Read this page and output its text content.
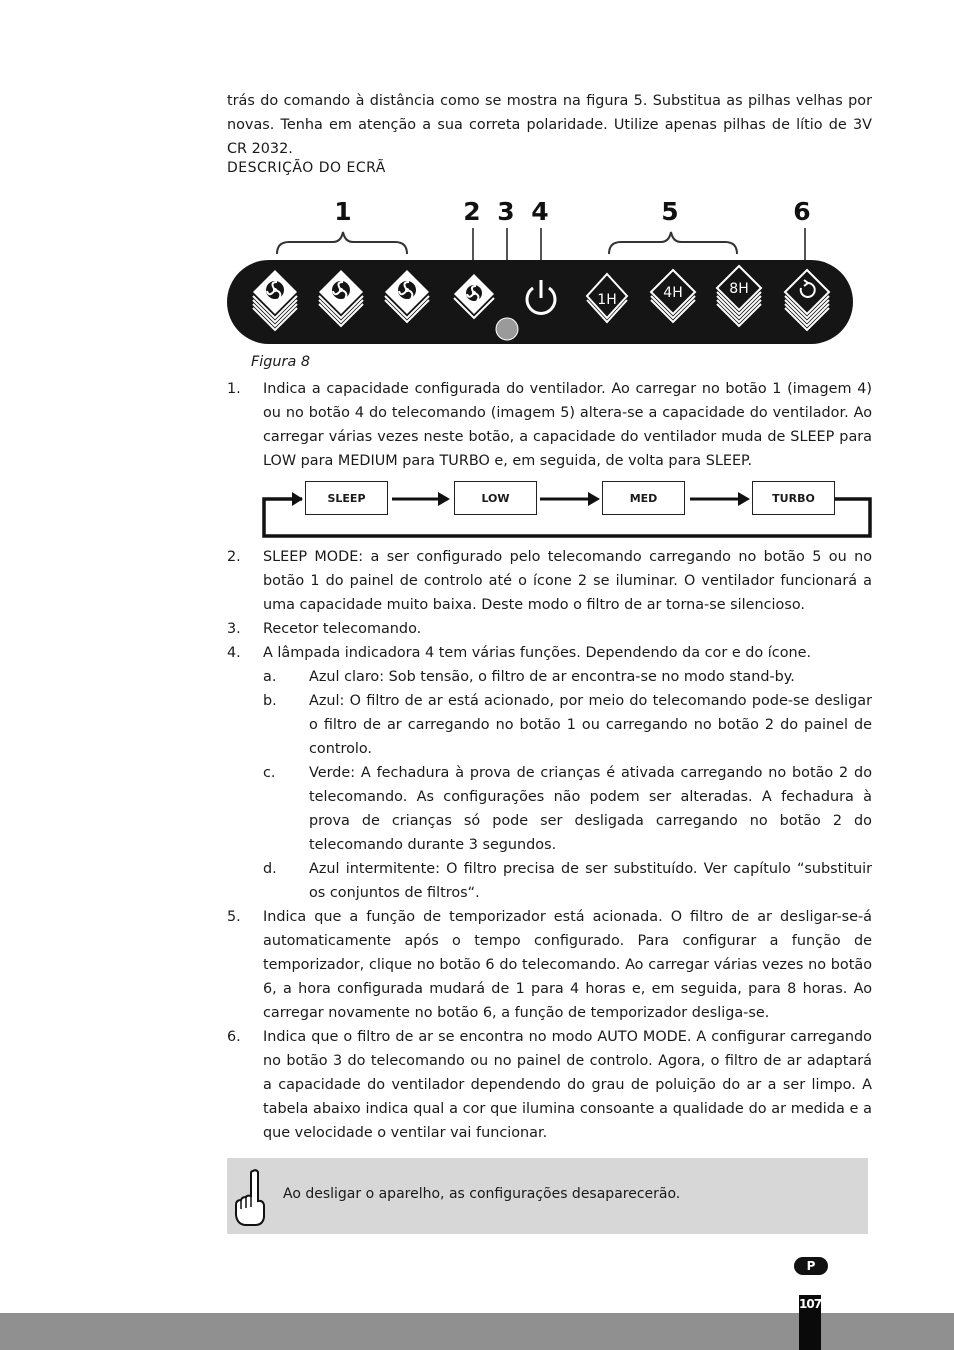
trás do comando à distância como se mostra na figura 5. Substitua as pilhas velhas por novas. Tenha em atenção a sua correta polaridade. Utilize apenas pilhas de lítio de 3V CR 2032.
DESCRIÇÃO DO ECRÃ
1	2 3 4	5	6
1H	4H	8H
Figura 8
1. Indica a capacidade configurada do ventilador. Ao carregar no botão 1 (imagem 4) ou no botão 4 do telecomando (imagem 5) altera-se a capacidade do ventilador. Ao carregar várias vezes neste botão, a capacidade do ventilador muda de SLEEP para LOW para MEDIUM para TURBO e, em seguida, de volta para SLEEP.
SLEEP	LOW	MED	TURBO
2. SLEEP MODE: a ser configurado pelo telecomando carregando no botão 5 ou no botão 1 do painel de controlo até o ícone 2 se iluminar. O ventilador funcionará a uma capacidade muito baixa. Deste modo o filtro de ar torna-se silencioso.
3. Recetor telecomando.
4. A lâmpada indicadora 4 tem várias funções. Dependendo da cor e do ícone.
a. Azul claro: Sob tensão, o filtro de ar encontra-se no modo stand-by.
b. Azul: O filtro de ar está acionado, por meio do telecomando pode-se desligar o filtro de ar carregando no botão 1 ou carregando no botão 2 do painel de controlo.
c. Verde: A fechadura à prova de crianças é ativada carregando no botão 2 do telecomando. As configurações não podem ser alteradas. A fechadura à prova de crianças só pode ser desligada carregando no botão 2 do telecomando durante 3 segundos.
d. Azul intermitente: O filtro precisa de ser substituído. Ver capítulo “substituir os conjuntos de filtros“.
5. Indica que a função de temporizador está acionada. O filtro de ar desligar-se-á automaticamente após o tempo configurado. Para configurar a função de temporizador, clique no botão 6 do telecomando. Ao carregar várias vezes no botão 6, a hora configurada mudará de 1 para 4 horas e, em seguida, para 8 horas. Ao carregar novamente no botão 6, a função de temporizador desliga-se.
6. Indica que o filtro de ar se encontra no modo AUTO MODE. A configurar carregando no botão 3 do telecomando ou no painel de controlo. Agora, o filtro de ar adaptará a capacidade do ventilador dependendo do grau de poluição do ar a ser limpo. A tabela abaixo indica qual a cor que ilumina consoante a qualidade do ar medida e a que velocidade o ventilar vai funcionar.
Ao desligar o aparelho, as configurações desaparecerão.
P
107
